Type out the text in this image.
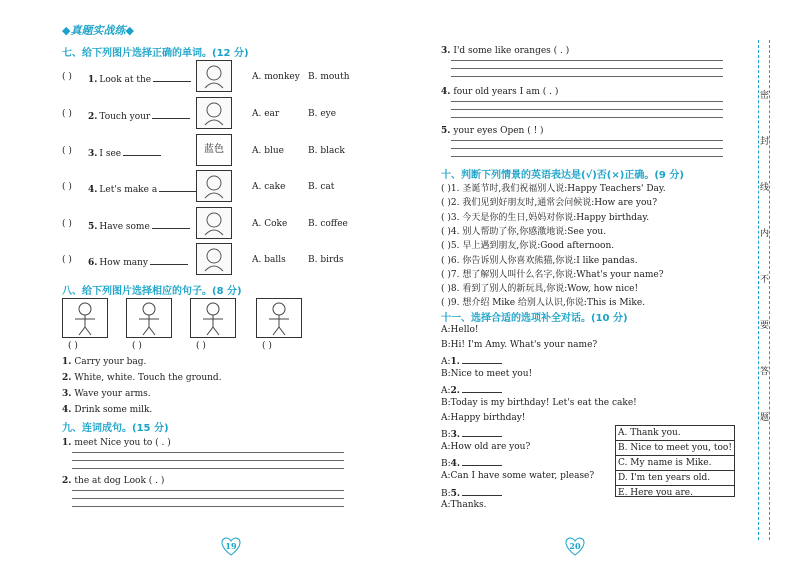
◆真题实战练◆
七、给下列图片选择正确的单词。(12 分)
( ) 1. Look at the	A. monkey B. mouth
( ) 2. Touch your	A. ear	B. eye
( ) 3. I see	蓝色	A. blue	B. black
( ) 4. Let's make a	A. cake	B. cat
( ) 5. Have some	A. Coke B. coffee
( ) 6. How many	A. balls B. birds
八、给下列图片选择相应的句子。(8 分)
( )	( )	( )	( )
1. Carry your bag.
2. White, white. Touch the ground.
3. Wave your arms.
4. Drink some milk.
九、连词成句。(15 分)
1. meet Nice you to ( . )
2. the at dog Look ( . )
19
3. I'd some like oranges ( . )
4. four old years I am ( . )
5. your eyes Open ( ! )
十、判断下列情景的英语表达是(√)否(×)正确。(9 分)
( )1. 圣诞节时,我们祝福别人说:Happy Teachers' Day.
( )2. 我们见到好朋友时,通常会问候说:How are you?
( )3. 今天是你的生日,妈妈对你说:Happy birthday.
( )4. 别人帮助了你,你感激地说:See you.
( )5. 早上遇到朋友,你说:Good afternoon.
( )6. 你告诉别人你喜欢熊猫,你说:I like pandas.
( )7. 想了解别人叫什么名字,你说:What's your name?
( )8. 看到了别人的新玩具,你说:Wow, how nice!
( )9. 想介绍 Mike 给别人认识,你说:This is Mike.
十一、选择合适的选项补全对话。(10 分)
A:Hello!
B:Hi! I'm Amy. What's your name?
A:1.
B:Nice to meet you!
A:2.
B:Today is my birthday! Let's eat the cake!
A:Happy birthday!
B:3.
A:How old are you?
B:4.
A:Can I have some water, please?
B:5.
A:Thanks.
A. Thank you.
B. Nice to meet you, too!
C. My name is Mike.
D. I'm ten years old.
E. Here you are.
20
密
封
线
内
不
要
答
题
